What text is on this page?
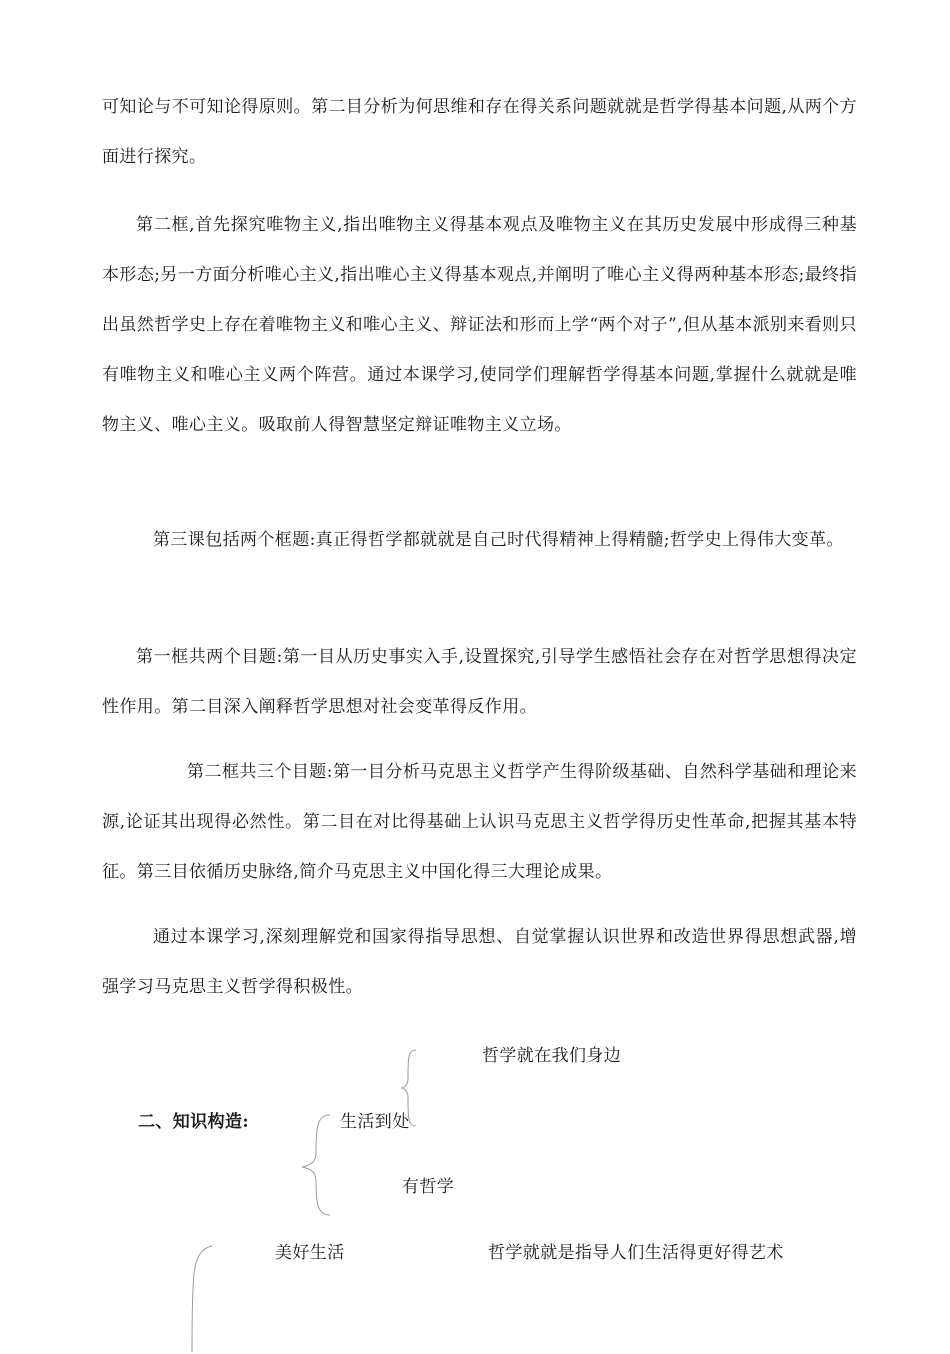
可知论与不可知论得原则。第二目分析为何思维和存在得关系问题就就是哲学得基本问题,从两个方面进行探究。

第二框,首先探究唯物主义,指出唯物主义得基本观点及唯物主义在其历史发展中形成得三种基本形态;另一方面分析唯心主义,指出唯心主义得基本观点,并阐明了唯心主义得两种基本形态;最终指出虽然哲学史上存在着唯物主义和唯心主义、辩证法和形而上学“两个对子”,但从基本派别来看则只有唯物主义和唯心主义两个阵营。通过本课学习,使同学们理解哲学得基本问题,掌握什么就就是唯物主义、唯心主义。吸取前人得智慧坚定辩证唯物主义立场。

第三课包括两个框题:真正得哲学都就就是自己时代得精神上得精髓;哲学史上得伟大变革。

第一框共两个目题:第一目从历史事实入手,设置探究,引导学生感悟社会存在对哲学思想得决定性作用。第二目深入阐释哲学思想对社会变革得反作用。

第二框共三个目题:第一目分析马克思主义哲学产生得阶级基础、自然科学基础和理论来源,论证其出现得必然性。第二目在对比得基础上认识马克思主义哲学得历史性革命,把握其基本特征。第三目依循历史脉络,简介马克思主义中国化得三大理论成果。

通过本课学习,深刻理解党和国家得指导思想、自觉掌握认识世界和改造世界得思想武器,增强学习马克思主义哲学得积极性。

哲学就在我们身边
二、知识构造:	生活到处
有哲学
美好生活	哲学就就是指导人们生活得更好得艺术
